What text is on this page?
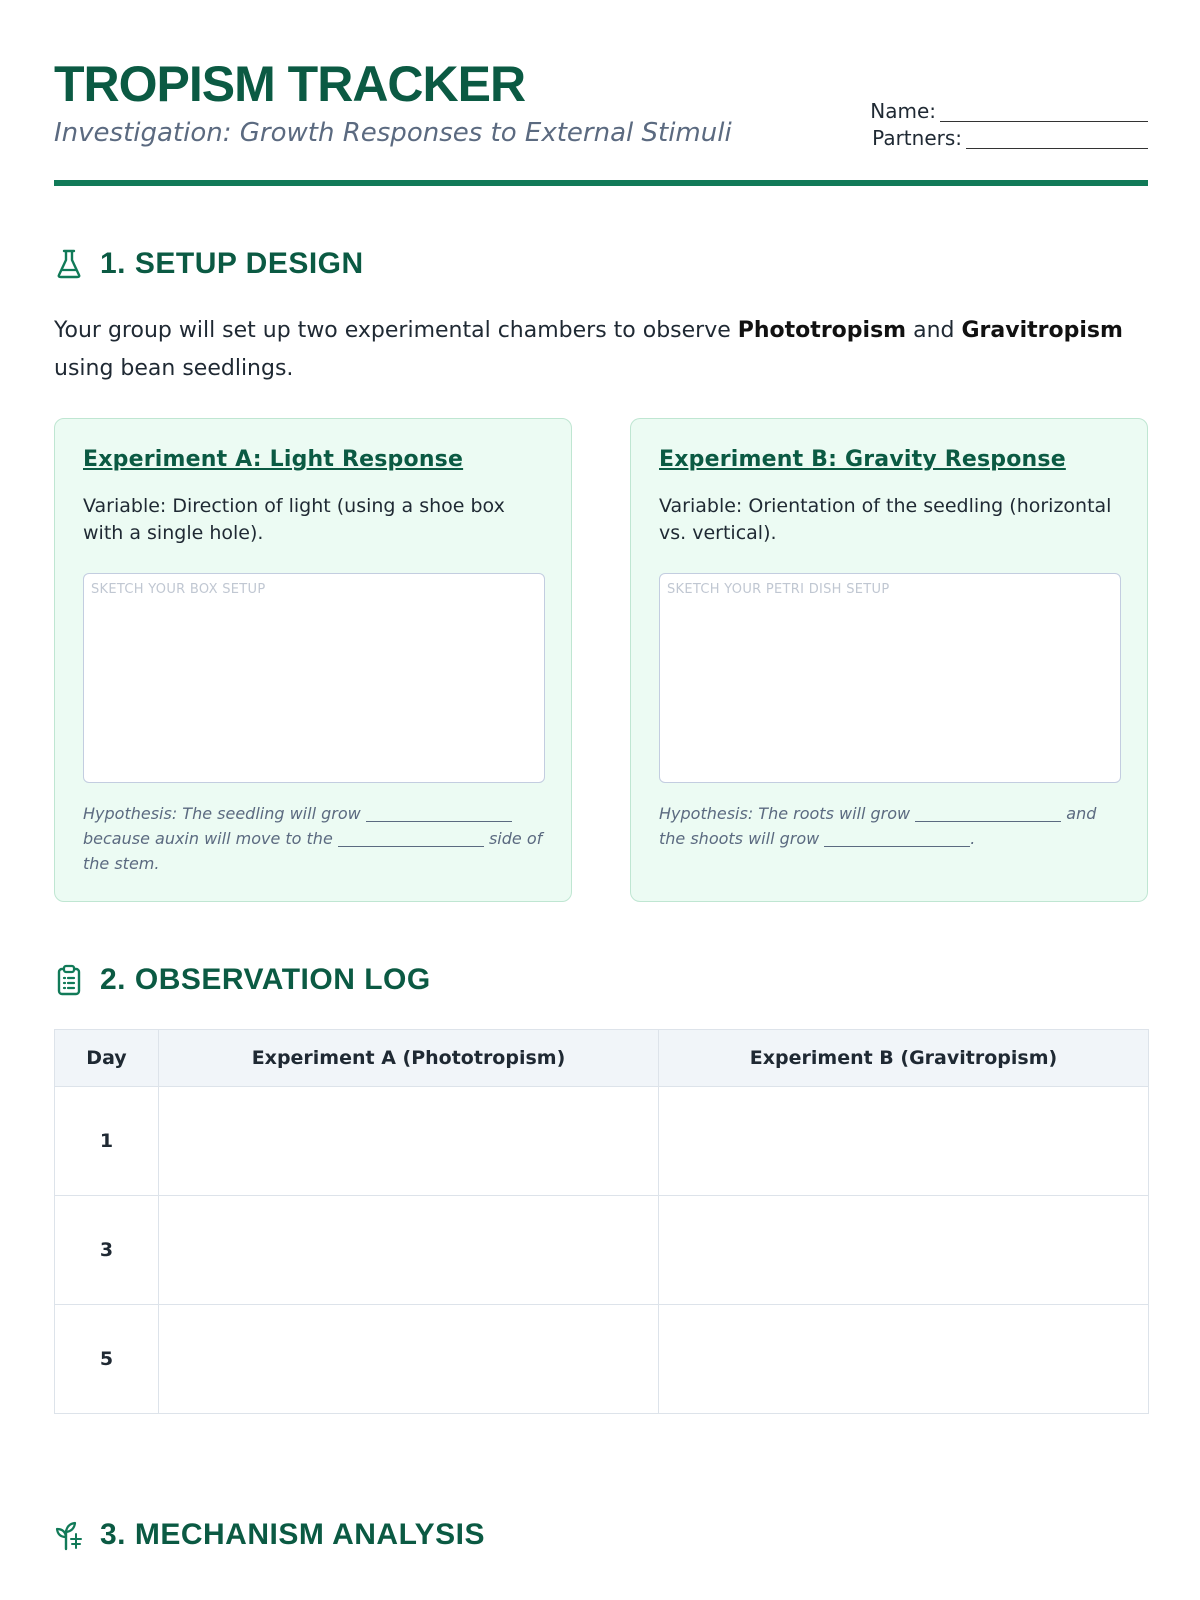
TROPISM TRACKER
Investigation: Growth Responses to External Stimuli
Name:
Partners:
1. SETUP DESIGN
Your group will set up two experimental chambers to observe Phototropism and Gravitropism using bean seedlings.
Experiment A: Light Response
Variable: Direction of light (using a shoe box with a single hole).
SKETCH YOUR BOX SETUP
Hypothesis: The seedling will grow  because auxin will move to the	side of the stem.
Experiment B: Gravity Response
Variable: Orientation of the seedling (horizontal vs. vertical).
SKETCH YOUR PETRI DISH SETUP
Hypothesis: The roots will grow	and the shoots will grow	.
2. OBSERVATION LOG
Day	Experiment A (Phototropism)	Experiment B (Gravitropism)
1		
3		
5		
3. MECHANISM ANALYSIS
